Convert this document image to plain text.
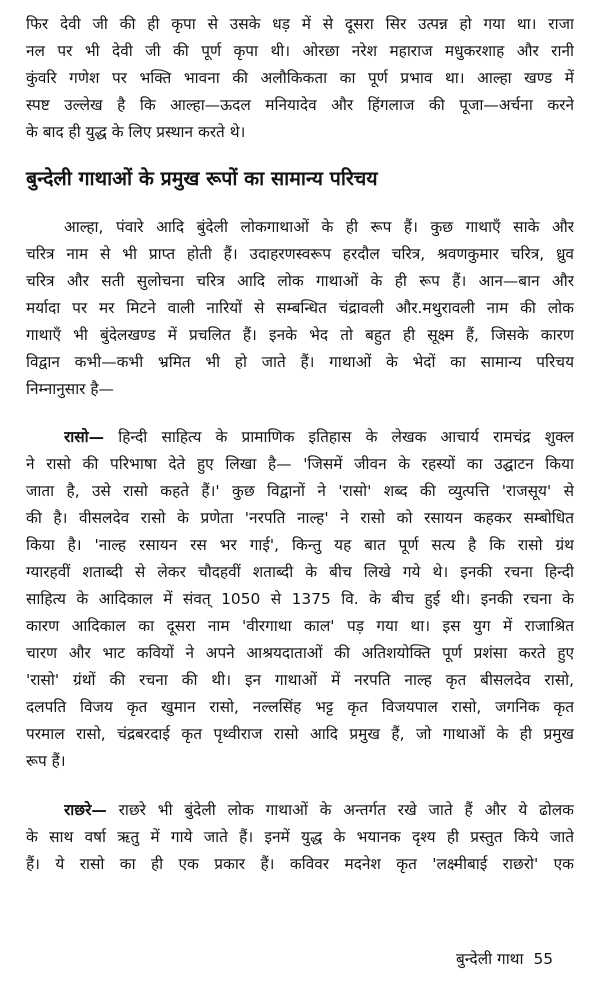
फिर देवी जी की ही कृपा से उसके धड़ में से दूसरा सिर उत्पन्न हो गया था। राजा
नल पर भी देवी जी की पूर्ण कृपा थी। ओरछा नरेश महाराज मधुकरशाह और रानी
कुंवरि गणेश पर भक्ति भावना की अलौकिकता का पूर्ण प्रभाव था। आल्हा खण्ड में
स्पष्ट उल्लेख है कि आल्हा—ऊदल मनियादेव और हिंगलाज की पूजा—अर्चना करने
के बाद ही युद्ध के लिए प्रस्थान करते थे।
बुन्देली गाथाओं के प्रमुख रूपों का सामान्य परिचय
आल्हा, पंवारे आदि बुंदेली लोकगाथाओं के ही रूप हैं। कुछ गाथाएँ साके और
चरित्र नाम से भी प्राप्त होती हैं। उदाहरणस्वरूप हरदौल चरित्र, श्रवणकुमार चरित्र, ध्रुव
चरित्र और सती सुलोचना चरित्र आदि लोक गाथाओं के ही रूप हैं। आन—बान और
मर्यादा पर मर मिटने वाली नारियों से सम्बन्धित चंद्रावली और.मथुरावली नाम की लोक
गाथाएँ भी बुंदेलखण्ड में प्रचलित हैं। इनके भेद तो बहुत ही सूक्ष्म हैं, जिसके कारण
विद्वान कभी—कभी भ्रमित भी हो जाते हैं। गाथाओं के भेदों का सामान्य परिचय
निम्नानुसार है—
रासो— हिन्दी साहित्य के प्रामाणिक इतिहास के लेखक आचार्य रामचंद्र शुक्ल
ने रासो की परिभाषा देते हुए लिखा है— 'जिसमें जीवन के रहस्यों का उद्घाटन किया
जाता है, उसे रासो कहते हैं।' कुछ विद्वानों ने 'रासो' शब्द की व्युत्पत्ति 'राजसूय' से
की है। वीसलदेव रासो के प्रणेता 'नरपति नाल्ह' ने रासो को रसायन कहकर सम्बोधित
किया है। 'नाल्ह रसायन रस भर गाई', किन्तु यह बात पूर्ण सत्य है कि रासो ग्रंथ
ग्यारहवीं शताब्दी से लेकर चौदहवीं शताब्दी के बीच लिखे गये थे। इनकी रचना हिन्दी
साहित्य के आदिकाल में संवत् 1050 से 1375 वि. के बीच हुई थी। इनकी रचना के
कारण आदिकाल का दूसरा नाम 'वीरगाथा काल' पड़ गया था। इस युग में राजाश्रित
चारण और भाट कवियों ने अपने आश्रयदाताओं की अतिशयोक्ति पूर्ण प्रशंसा करते हुए
'रासो' ग्रंथों की रचना की थी। इन गाथाओं में नरपति नाल्ह कृत बीसलदेव रासो,
दलपति विजय कृत खुमान रासो, नल्लसिंह भट्ट कृत विजयपाल रासो, जगनिक कृत
परमाल रासो, चंद्रबरदाई कृत पृथ्वीराज रासो आदि प्रमुख हैं, जो गाथाओं के ही प्रमुख
रूप हैं।
राछरे— राछरे भी बुंदेली लोक गाथाओं के अन्तर्गत रखे जाते हैं और ये ढोलक
के साथ वर्षा ऋतु में गाये जाते हैं। इनमें युद्ध के भयानक दृश्य ही प्रस्तुत किये जाते
हैं। ये रासो का ही एक प्रकार हैं। कविवर मदनेश कृत 'लक्ष्मीबाई राछरो' एक
बुन्देली गाथा 55
